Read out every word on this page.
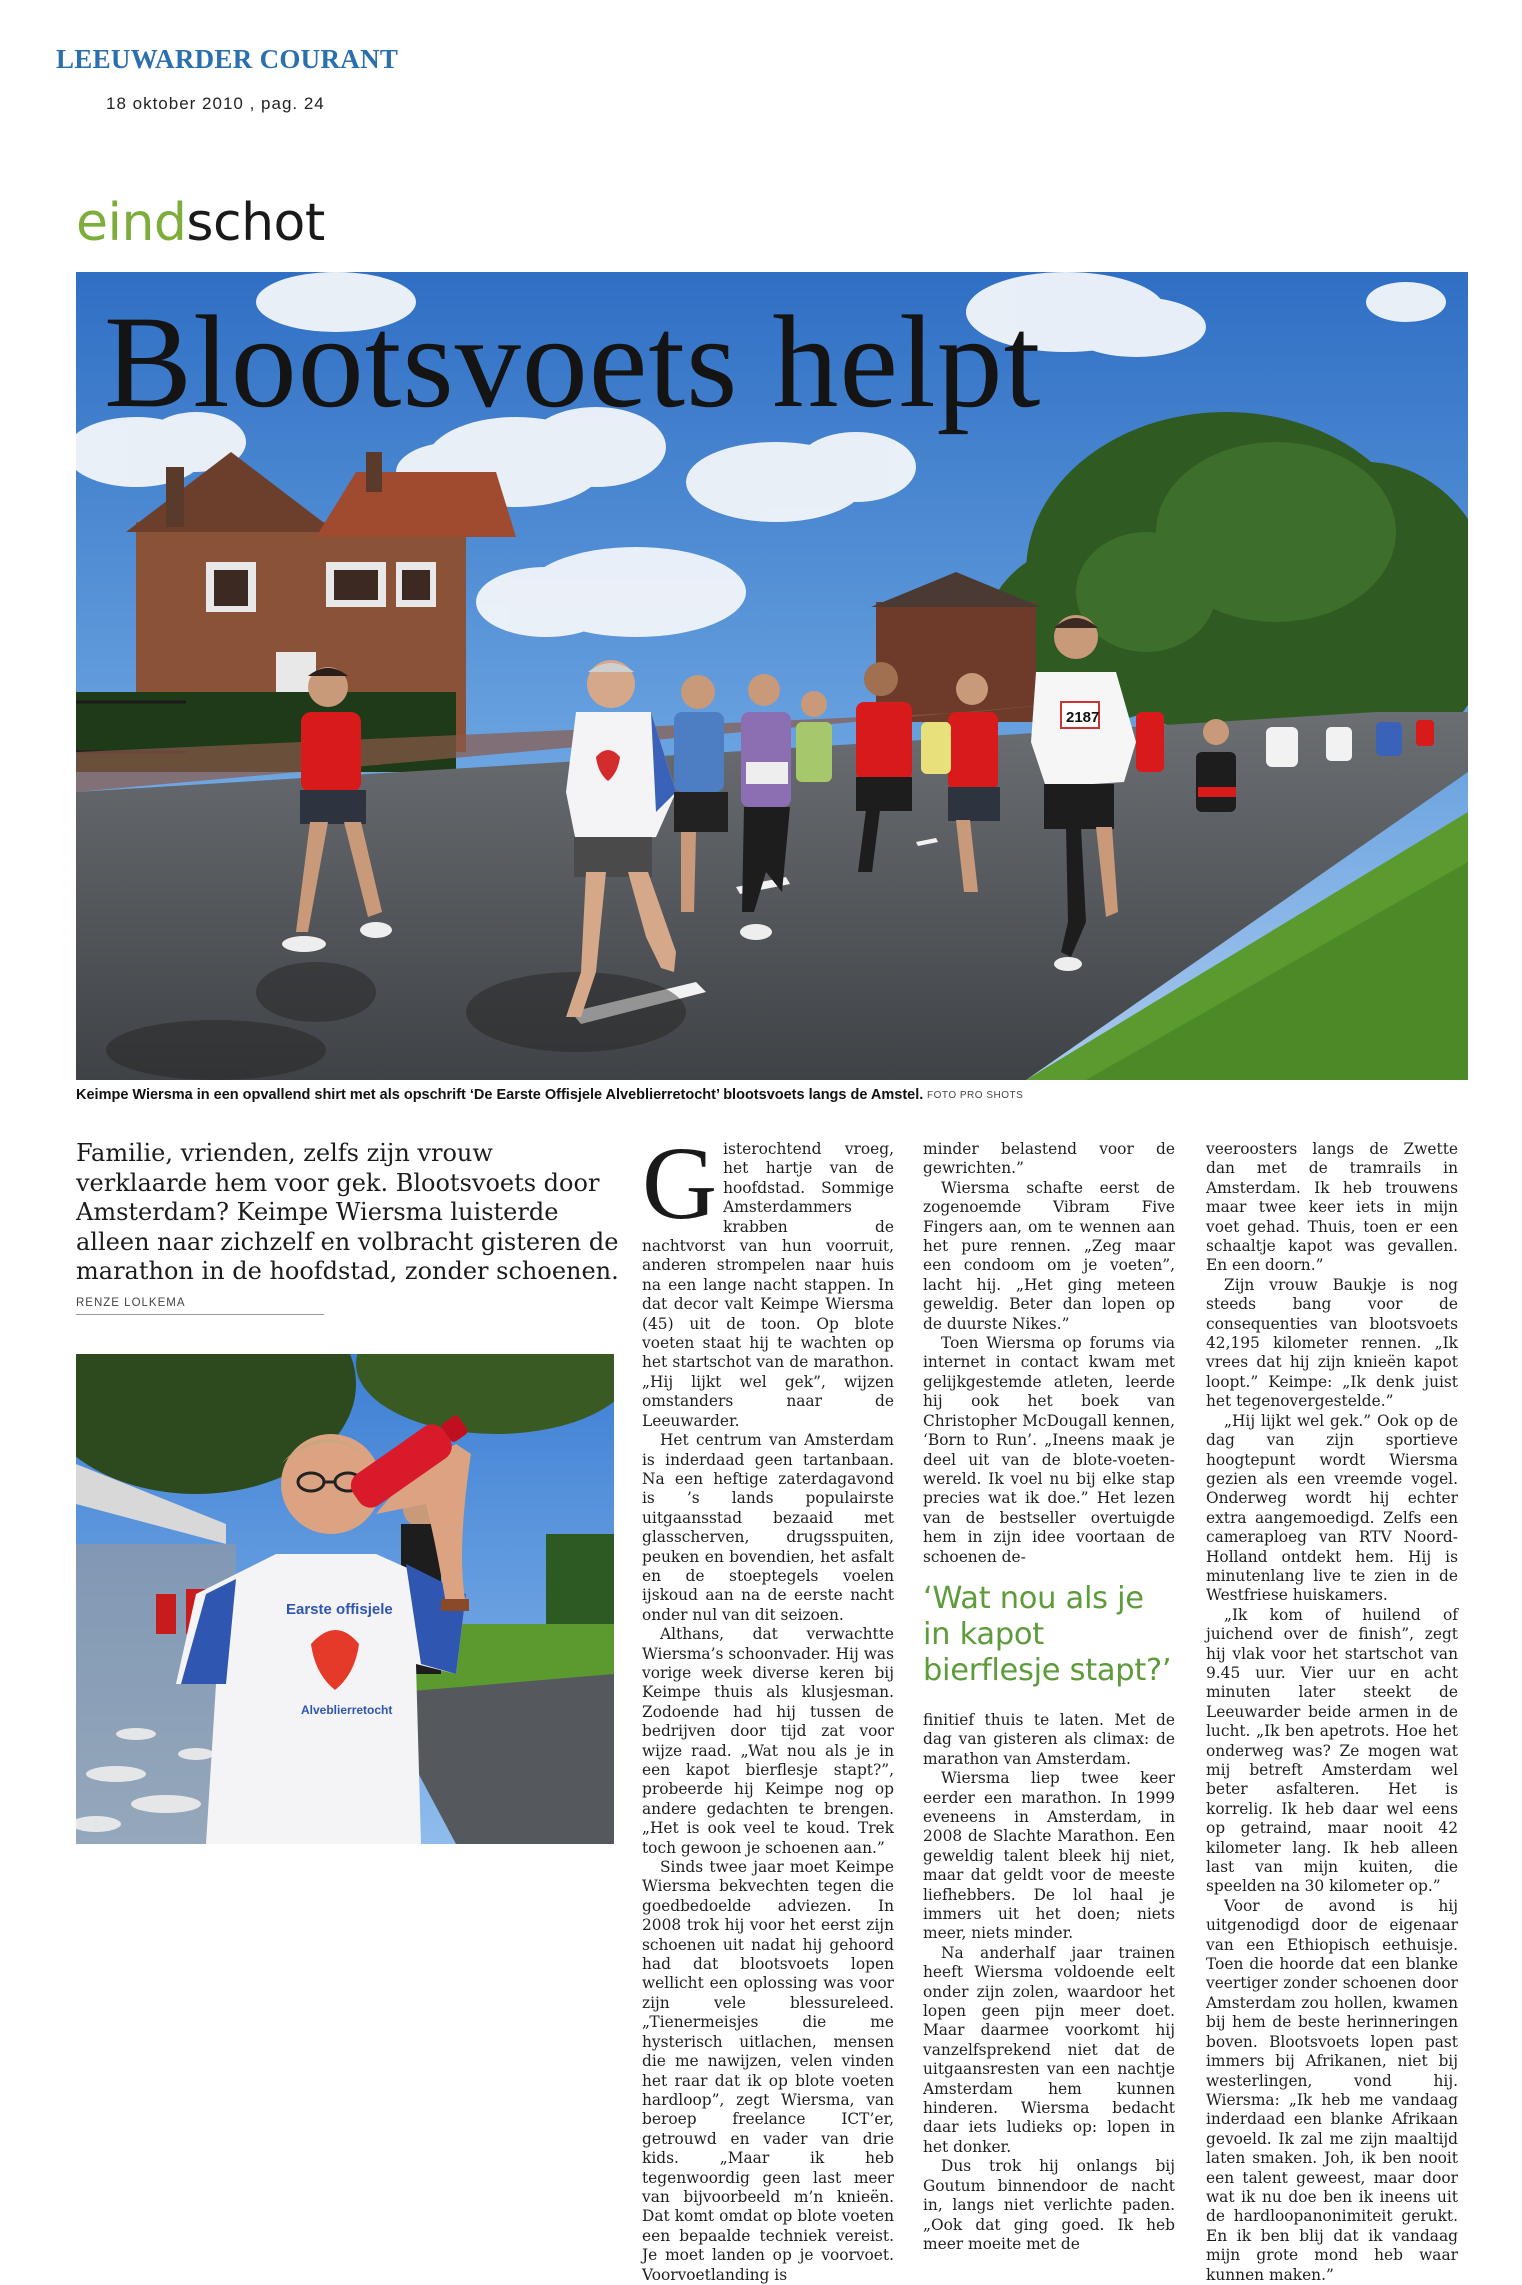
LEEUWARDER COURANT
18 oktober 2010 , pag. 24
eindschot
2187
Blootsvoets helpt
Keimpe Wiersma in een opvallend shirt met als opschrift ‘De Earste Offisjele Alveblierretocht’ blootsvoets langs de Amstel. FOTO PRO SHOTS
Familie, vrienden, zelfs zijn vrouw verklaarde hem voor gek. Blootsvoets door Amsterdam? Keimpe Wiersma luisterde alleen naar zichzelf en volbracht gisteren de marathon in de hoofdstad, zonder schoenen.
RENZE LOLKEMA
Earste offisjele
Alveblierretocht
G isterochtend vroeg, het hartje van de hoofdstad. Sommige Amsterdammers krabben de nachtvorst van hun voorruit, anderen strompelen naar huis na een lange nacht stappen. In dat decor valt Keimpe Wiersma (45) uit de toon. Op blote voeten staat hij te wachten op het startschot van de marathon. „Hij lijkt wel gek”, wijzen omstanders naar de Leeuwarder.

Het centrum van Amsterdam is inderdaad geen tartanbaan. Na een heftige zaterdagavond is ’s lands populairste uitgaansstad bezaaid met glasscherven, drugsspuiten, peuken en bovendien, het asfalt en de stoeptegels voelen ijskoud aan na de eerste nacht onder nul van dit seizoen.

Althans, dat verwachtte Wiersma’s schoonvader. Hij was vorige week diverse keren bij Keimpe thuis als klusjesman. Zodoende had hij tussen de bedrijven door tijd zat voor wijze raad. „Wat nou als je in een kapot bierflesje stapt?”, probeerde hij Keimpe nog op andere gedachten te brengen. „Het is ook veel te koud. Trek toch gewoon je schoenen aan.”

Sinds twee jaar moet Keimpe Wiersma bekvechten tegen die goedbedoelde adviezen. In 2008 trok hij voor het eerst zijn schoenen uit nadat hij gehoord had dat blootsvoets lopen wellicht een oplossing was voor zijn vele blessureleed. „Tienermeisjes die me hysterisch uitlachen, mensen die me nawijzen, velen vinden het raar dat ik op blote voeten hardloop”, zegt Wiersma, van beroep freelance ICT’er, getrouwd en vader van drie kids. „Maar ik heb tegenwoordig geen last meer van bijvoorbeeld m’n knieën. Dat komt omdat op blote voeten een bepaalde techniek vereist. Je moet landen op je voorvoet. Voorvoetlanding is

minder belastend voor de gewrichten.”

Wiersma schafte eerst de zogenoemde Vibram Five Fingers aan, om te wennen aan het pure rennen. „Zeg maar een condoom om je voeten”, lacht hij. „Het ging meteen geweldig. Beter dan lopen op de duurste Nikes.”

Toen Wiersma op forums via internet in contact kwam met gelijkgestemde atleten, leerde hij ook het boek van Christopher McDougall kennen, ‘Born to Run’. „Ineens maak je deel uit van de blote-voeten-wereld. Ik voel nu bij elke stap precies wat ik doe.” Het lezen van de bestseller overtuigde hem in zijn idee voortaan de schoenen de-

‘Wat nou als je in kapot bierflesje stapt?’

finitief thuis te laten. Met de dag van gisteren als climax: de marathon van Amsterdam.

Wiersma liep twee keer eerder een marathon. In 1999 eveneens in Amsterdam, in 2008 de Slachte Marathon. Een geweldig talent bleek hij niet, maar dat geldt voor de meeste liefhebbers. De lol haal je immers uit het doen; niets meer, niets minder.

Na anderhalf jaar trainen heeft Wiersma voldoende eelt onder zijn zolen, waardoor het lopen geen pijn meer doet. Maar daarmee voorkomt hij vanzelfsprekend niet dat de uitgaansresten van een nachtje Amsterdam hem kunnen hinderen. Wiersma bedacht daar iets ludieks op: lopen in het donker.

Dus trok hij onlangs bij Goutum binnendoor de nacht in, langs niet verlichte paden. „Ook dat ging goed. Ik heb meer moeite met de

veeroosters langs de Zwette dan met de tramrails in Amsterdam. Ik heb trouwens maar twee keer iets in mijn voet gehad. Thuis, toen er een schaaltje kapot was gevallen. En een doorn.”

Zijn vrouw Baukje is nog steeds bang voor de consequenties van blootsvoets 42,195 kilometer rennen. „Ik vrees dat hij zijn knieën kapot loopt.” Keimpe: „Ik denk juist het tegenovergestelde.”

„Hij lijkt wel gek.” Ook op de dag van zijn sportieve hoogtepunt wordt Wiersma gezien als een vreemde vogel. Onderweg wordt hij echter extra aangemoedigd. Zelfs een cameraploeg van RTV Noord-Holland ontdekt hem. Hij is minutenlang live te zien in de Westfriese huiskamers.

„Ik kom of huilend of juichend over de finish”, zegt hij vlak voor het startschot van 9.45 uur. Vier uur en acht minuten later steekt de Leeuwarder beide armen in de lucht. „Ik ben apetrots. Hoe het onderweg was? Ze mogen wat mij betreft Amsterdam wel beter asfalteren. Het is korrelig. Ik heb daar wel eens op getraind, maar nooit 42 kilometer lang. Ik heb alleen last van mijn kuiten, die speelden na 30 kilometer op.”

Voor de avond is hij uitgenodigd door de eigenaar van een Ethiopisch eethuisje. Toen die hoorde dat een blanke veertiger zonder schoenen door Amsterdam zou hollen, kwamen bij hem de beste herinneringen boven. Blootsvoets lopen past immers bij Afrikanen, niet bij westerlingen, vond hij. Wiersma: „Ik heb me vandaag inderdaad een blanke Afrikaan gevoeld. Ik zal me zijn maaltijd laten smaken. Joh, ik ben nooit een talent geweest, maar door wat ik nu doe ben ik ineens uit de hardloopanonimiteit gerukt. En ik ben blij dat ik vandaag mijn grote mond heb waar kunnen maken.”
